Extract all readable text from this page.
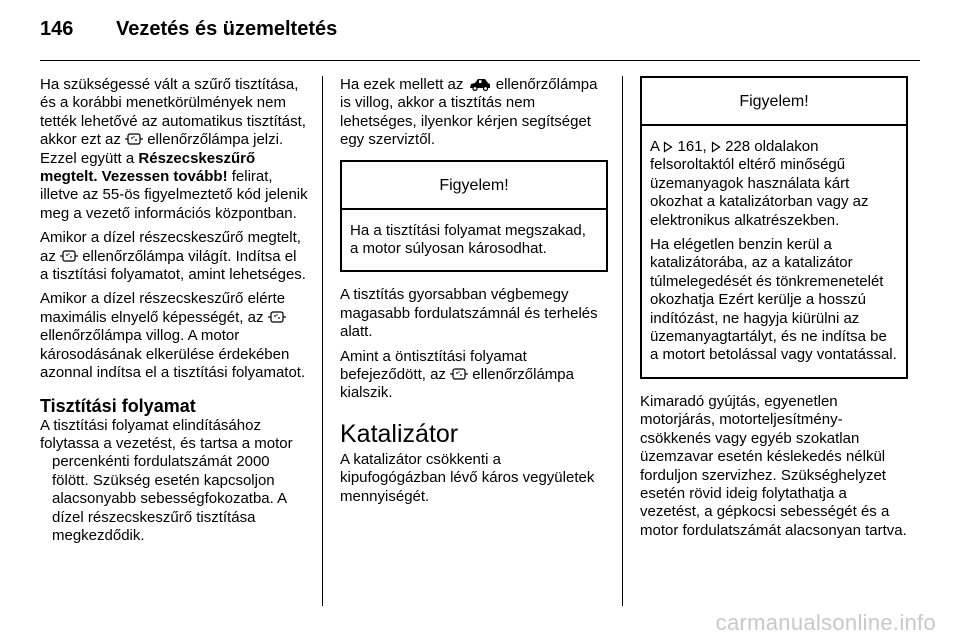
146 Vezetés és üzemeltetés

Ha szükségessé vált a szűrő tisztítása, és a korábbi menetkörülmények nem tették lehetővé az automatikus tisztítást, akkor ezt az ellenőrzőlámpa jelzi. Ezzel együtt a Részecskeszűrő megtelt. Vezessen tovább! felirat, illetve az 55-ös figyelmeztető kód jelenik meg a vezető információs központban.

Amikor a dízel részecskeszűrő megtelt, az ellenőrzőlámpa világít. Indítsa el a tisztítási folyamatot, amint lehetséges.

Amikor a dízel részecskeszűrő elérte maximális elnyelő képességét, az  ellenőrzőlámpa villog. A motor károsodásának elkerülése érdekében azonnal indítsa el a tisztítási folyamatot.

Tisztítási folyamat

A tisztítási folyamat elindításához

folytassa a vezetést, és tartsa a motor percenkénti fordulatszámát 2000 fölött. Szükség esetén kapcsoljon alacsonyabb sebességfokozatba. A dízel részecskeszűrő tisztítása megkezdődik.

Ha ezek mellett az ellenőrzőlámpa is villog, akkor a tisztítás nem lehetséges, ilyenkor kérjen segítséget egy szerviztől.

Figyelem!

Ha a tisztítási folyamat megszakad, a motor súlyosan károsodhat.

A tisztítás gyorsabban végbemegy magasabb fordulatszámnál és terhelés alatt.

Amint a öntisztítási folyamat befejeződött, az ellenőrzőlámpa kialszik.

Katalizátor

A katalizátor csökkenti a kipufogógázban lévő káros vegyületek mennyiségét.

Figyelem!

A 161, 228 oldalakon felsoroltaktól eltérő minőségű üzemanyagok használata kárt okozhat a katalizátorban vagy az elektronikus alkatrészekben.

Ha elégetlen benzin kerül a katalizátorába, az a katalizátor túlmelegedését és tönkremenetelét okozhatja Ezért kerülje a hosszú indítózást, ne hagyja kiürülni az üzemanyagtartályt, és ne indítsa be a motort betolással vagy vontatással.

Kimaradó gyújtás, egyenetlen motorjárás, motorteljesítmény-csökkenés vagy egyéb szokatlan üzemzavar esetén késlekedés nélkül forduljon szervizhez. Szükséghelyzet esetén rövid ideig folytathatja a vezetést, a gépkocsi sebességét és a motor fordulatszámát alacsonyan tartva.

carmanualsonline.info
